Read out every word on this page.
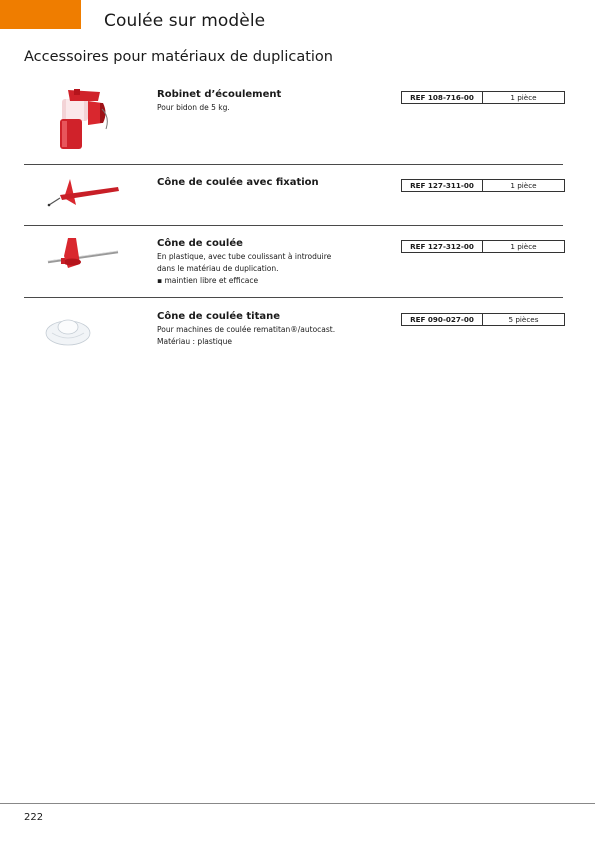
Coulée sur modèle
Accessoires pour matériaux de duplication
Robinet d’écoulement
Pour bidon de 5 kg.
REF 108-716-00	1 pièce
Cône de coulée avec fixation	REF 127-311-00	1 pièce
Cône de coulée
En plastique, avec tube coulissant à introduire
dans le matériau de duplication.
▪ maintien libre et efficace
REF 127-312-00	1 pièce
Cône de coulée titane
Pour machines de coulée rematitan®/autocast.
Matériau : plastique
REF 090-027-00	5 pièces
222
